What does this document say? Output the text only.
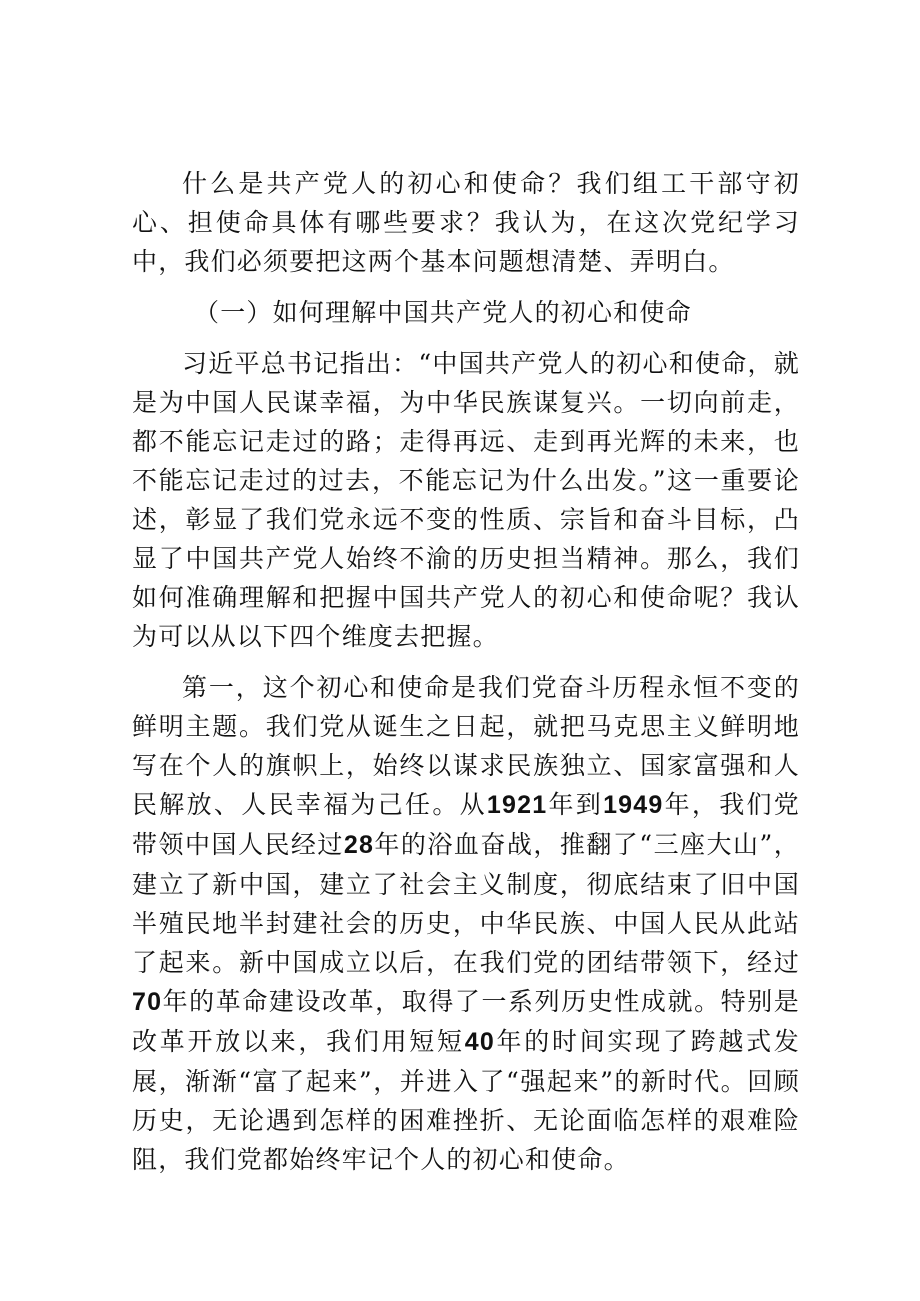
什么是共产党人的初心和使命？我们组工干部守初心、担使命具体有哪些要求？我认为，在这次党纪学习中，我们必须要把这两个基本问题想清楚、弄明白。

（一）如何理解中国共产党人的初心和使命

习近平总书记指出：“中国共产党人的初心和使命，就是为中国人民谋幸福，为中华民族谋复兴。一切向前走，都不能忘记走过的路；走得再远、走到再光辉的未来，也不能忘记走过的过去，不能忘记为什么出发。”这一重要论述，彰显了我们党永远不变的性质、宗旨和奋斗目标，凸显了中国共产党人始终不渝的历史担当精神。那么，我们如何准确理解和把握中国共产党人的初心和使命呢？我认为可以从以下四个维度去把握。

第一，这个初心和使命是我们党奋斗历程永恒不变的鲜明主题。我们党从诞生之日起，就把马克思主义鲜明地写在个人的旗帜上，始终以谋求民族独立、国家富强和人民解放、人民幸福为己任。从1921年到1949年，我们党带领中国人民经过28年的浴血奋战，推翻了“三座大山”，建立了新中国，建立了社会主义制度，彻底结束了旧中国半殖民地半封建社会的历史，中华民族、中国人民从此站了起来。新中国成立以后，在我们党的团结带领下，经过70年的革命建设改革，取得了一系列历史性成就。特别是改革开放以来，我们用短短40年的时间实现了跨越式发展，渐渐“富了起来”，并进入了“强起来”的新时代。回顾历史，无论遇到怎样的困难挫折、无论面临怎样的艰难险阻，我们党都始终牢记个人的初心和使命。
